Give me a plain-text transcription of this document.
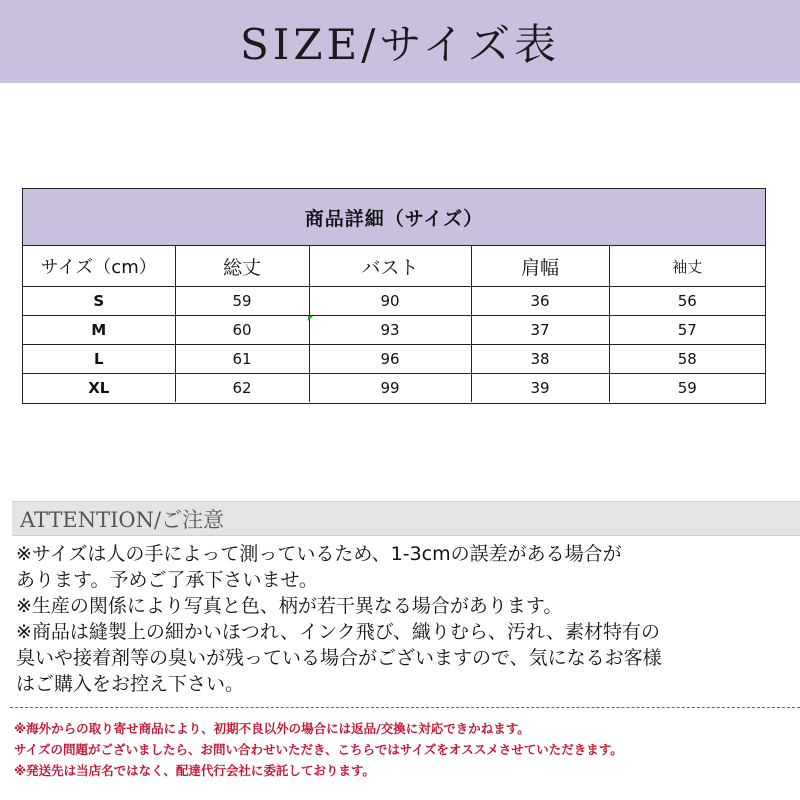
SIZE/サイズ表
商品詳細（サイズ）
サイズ（cm）	総丈	バスト	肩幅	袖丈
S	59	90	36	56
M	60	93	37	57
L	61	96	38	58
XL	62	99	39	59
ATTENTION/ご注意
※サイズは人の手によって測っているため、1-3cmの誤差がある場合が
あります。予めご了承下さいませ。
※生産の関係により写真と色、柄が若干異なる場合があります。
※商品は縫製上の細かいほつれ、インク飛び、織りむら、汚れ、素材特有の
臭いや接着剤等の臭いが残っている場合がございますので、気になるお客様
はご購入をお控え下さい。
※海外からの取り寄せ商品により、初期不良以外の場合には返品/交換に対応できかねます。
サイズの問題がございましたら、お問い合わせいただき、こちらではサイズをオススメさせていただきます。
※発送先は当店名ではなく、配達代行会社に委託しております。
